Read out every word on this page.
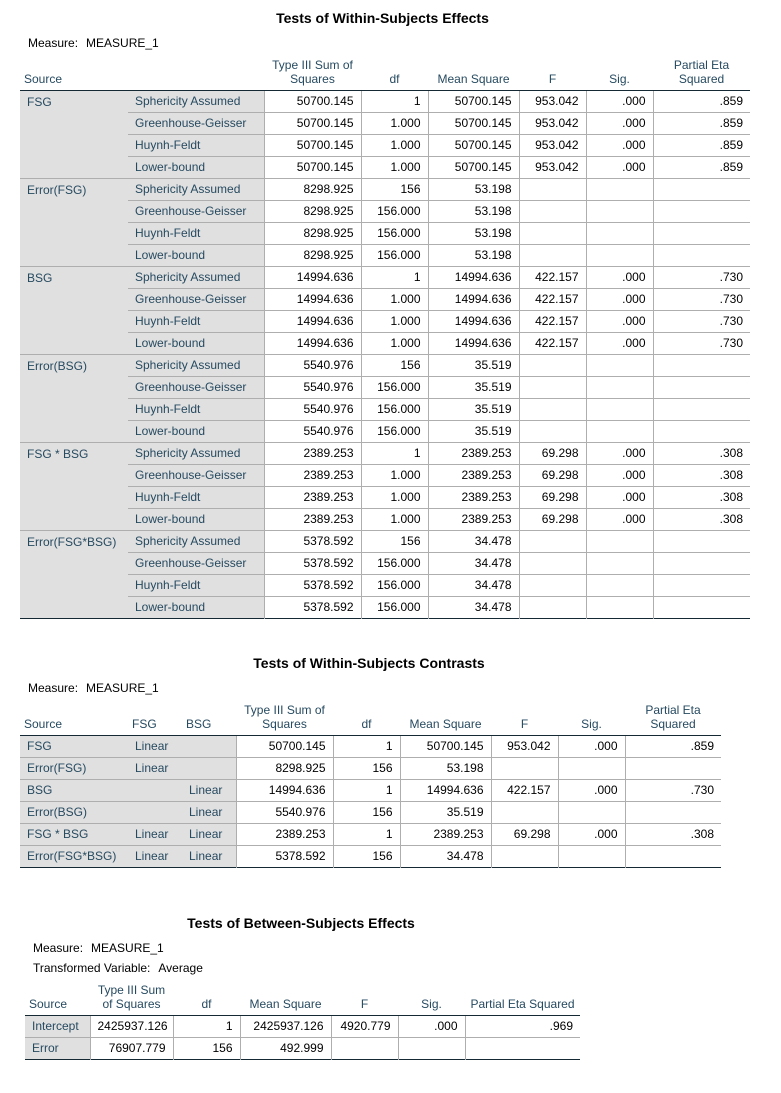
Tests of Within-Subjects Effects
Measure: MEASURE_1
Source		Type III Sum of Squares	df	Mean Square	F	Sig.	Partial Eta Squared
FSG	Sphericity Assumed	50700.145	1	50700.145	953.042	.000	.859
	Greenhouse-Geisser	50700.145	1.000	50700.145	953.042	.000	.859
	Huynh-Feldt	50700.145	1.000	50700.145	953.042	.000	.859
	Lower-bound	50700.145	1.000	50700.145	953.042	.000	.859
Error(FSG)	Sphericity Assumed	8298.925	156	53.198			
	Greenhouse-Geisser	8298.925	156.000	53.198			
	Huynh-Feldt	8298.925	156.000	53.198			
	Lower-bound	8298.925	156.000	53.198			
BSG	Sphericity Assumed	14994.636	1	14994.636	422.157	.000	.730
	Greenhouse-Geisser	14994.636	1.000	14994.636	422.157	.000	.730
	Huynh-Feldt	14994.636	1.000	14994.636	422.157	.000	.730
	Lower-bound	14994.636	1.000	14994.636	422.157	.000	.730
Error(BSG)	Sphericity Assumed	5540.976	156	35.519			
	Greenhouse-Geisser	5540.976	156.000	35.519			
	Huynh-Feldt	5540.976	156.000	35.519			
	Lower-bound	5540.976	156.000	35.519			
FSG * BSG	Sphericity Assumed	2389.253	1	2389.253	69.298	.000	.308
	Greenhouse-Geisser	2389.253	1.000	2389.253	69.298	.000	.308
	Huynh-Feldt	2389.253	1.000	2389.253	69.298	.000	.308
	Lower-bound	2389.253	1.000	2389.253	69.298	.000	.308
Error(FSG*BSG)	Sphericity Assumed	5378.592	156	34.478			
	Greenhouse-Geisser	5378.592	156.000	34.478			
	Huynh-Feldt	5378.592	156.000	34.478			
	Lower-bound	5378.592	156.000	34.478			
Tests of Within-Subjects Contrasts
Measure: MEASURE_1
Source	FSG	BSG	Type III Sum of Squares	df	Mean Square	F	Sig.	Partial Eta Squared
FSG	Linear		50700.145	1	50700.145	953.042	.000	.859
Error(FSG)	Linear		8298.925	156	53.198			
BSG		Linear	14994.636	1	14994.636	422.157	.000	.730
Error(BSG)		Linear	5540.976	156	35.519			
FSG * BSG	Linear	Linear	2389.253	1	2389.253	69.298	.000	.308
Error(FSG*BSG)	Linear	Linear	5378.592	156	34.478			
Tests of Between-Subjects Effects
Measure: MEASURE_1
Transformed Variable: Average
Source	Type III Sum of Squares	df	Mean Square	F	Sig.	Partial Eta Squared
Intercept	2425937.126	1	2425937.126	4920.779	.000	.969
Error	76907.779	156	492.999			
